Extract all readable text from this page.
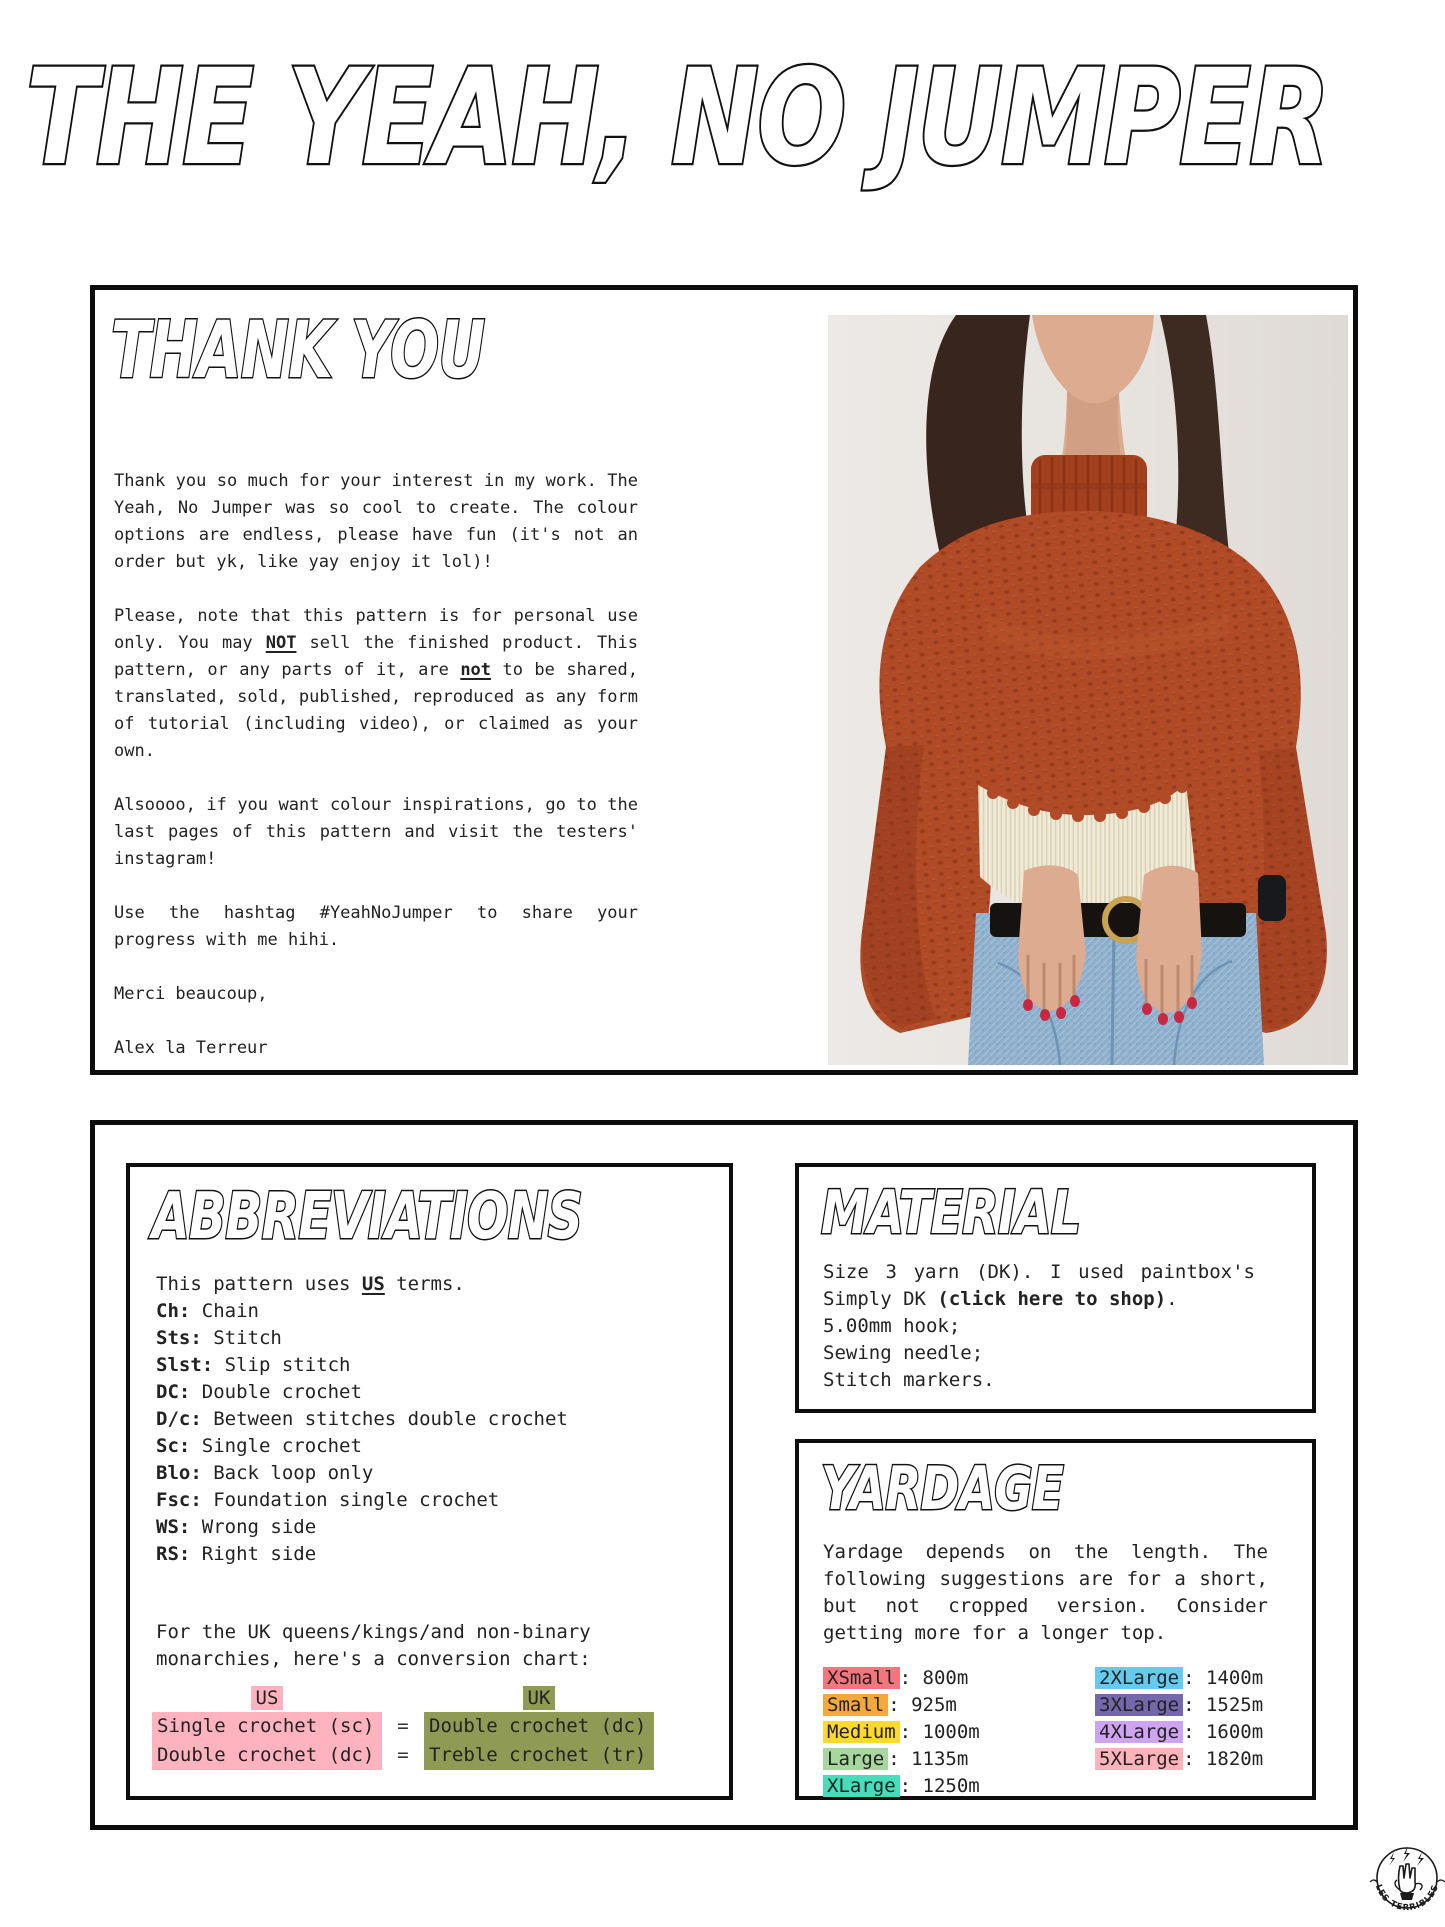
THE YEAH, NO JUMPER
THANK YOU

Thank you so much for your interest in my work. The Yeah, No Jumper was so cool to create. The colour options are endless, please have fun (it's not an order but yk, like yay enjoy it lol)!

Please, note that this pattern is for personal use only. You may NOT sell the finished product. This pattern, or any parts of it, are not to be shared, translated, sold, published, reproduced as any form of tutorial (including video), or claimed as your own.

Alsoooo, if you want colour inspirations, go to the last pages of this pattern and visit the testers' instagram!

Use the hashtag #YeahNoJumper to share your progress with me hihi.

Merci beaucoup,

Alex la Terreur

ABBREVIATIONS
This pattern uses US terms.
Ch: Chain
Sts: Stitch
Slst: Slip stitch
DC: Double crochet
D/c: Between stitches double crochet
Sc: Single crochet
Blo: Back loop only
Fsc: Foundation single crochet
WS: Wrong side
RS: Right side
For the UK queens/kings/and non-binary monarchies, here's a conversion chart:
US	UK
Single crochet (sc)	=	Double crochet (dc)
Double crochet (dc)	=	Treble crochet (tr)
MATERIAL
Size 3 yarn (DK). I used paintbox's Simply DK (click here to shop).
5.00mm hook;
Sewing needle;
Stitch markers.
YARDAGE
Yardage depends on the length. The following suggestions are for a short, but not cropped version. Consider getting more for a longer top.
XSmall : 800m
Small : 925m
Medium : 1000m
Large : 1135m
XLarge : 1250m
2XLarge : 1400m
3XLarge : 1525m
4XLarge : 1600m
5XLarge : 1820m
LES TERRIBLES
